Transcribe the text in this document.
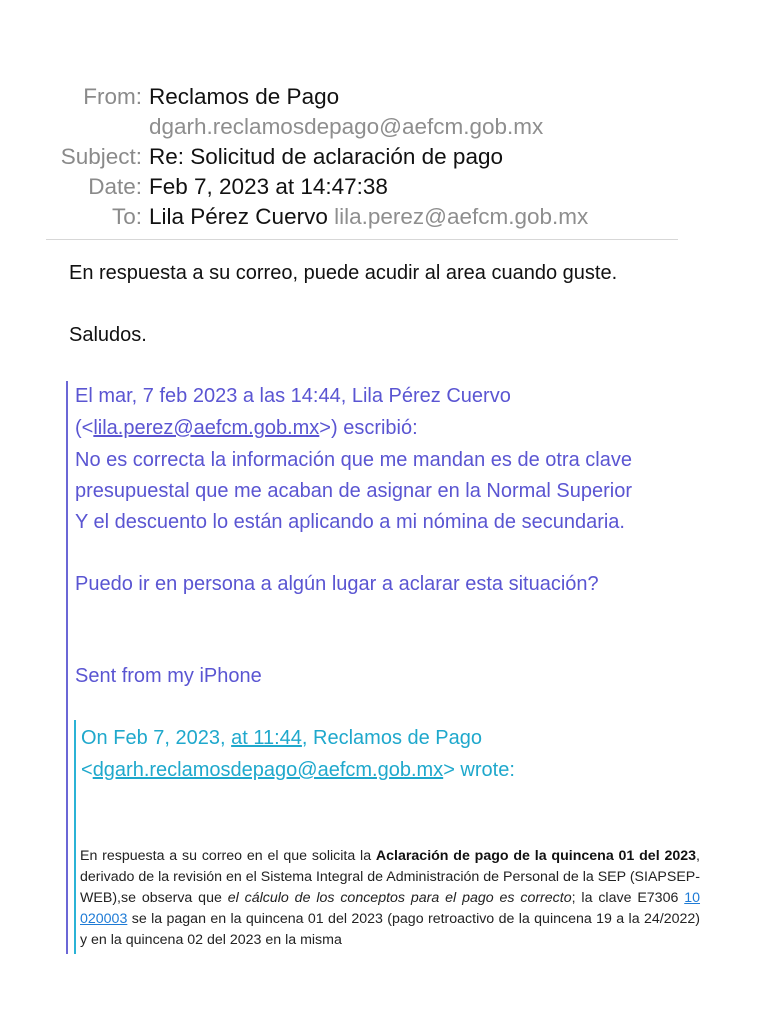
From: Reclamos de Pago
dgarh.reclamosdepago@aefcm.gob.mx
Subject: Re: Solicitud de aclaración de pago
Date: Feb 7, 2023 at 14:47:38
To: Lila Pérez Cuervo lila.perez@aefcm.gob.mx
En respuesta a su correo, puede acudir al area cuando guste.
Saludos.
El mar, 7 feb 2023 a las 14:44, Lila Pérez Cuervo
(<lila.perez@aefcm.gob.mx>) escribió:
No es correcta la información que me mandan es de otra clave
presupuestal que me acaban de asignar en la Normal Superior
Y el descuento lo están aplicando a mi nómina de secundaria.
Puedo ir en persona a algún lugar a aclarar esta situación?
Sent from my iPhone
On Feb 7, 2023, at 11:44, Reclamos de Pago
<dgarh.reclamosdepago@aefcm.gob.mx> wrote:
En respuesta a su correo en el que solicita la Aclaración de pago de la quincena 01 del 2023, derivado de la revisión en el Sistema Integral de Administración de Personal de la SEP (SIAPSEP-WEB),se observa que el cálculo de los conceptos para el pago es correcto; la clave E7306 10 020003 se la pagan en la quincena 01 del 2023 (pago retroactivo de la quincena 19 a la 24/2022) y en la quincena 02 del 2023 en la misma
